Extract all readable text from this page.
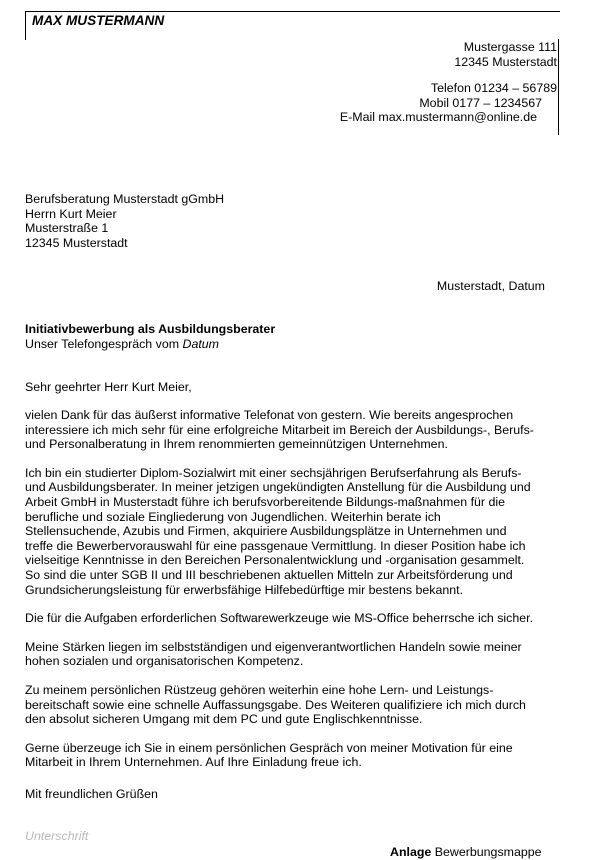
MAX MUSTERMANN
Mustergasse 111
12345 Musterstadt
Telefon 01234 – 56789
Mobil 0177 – 1234567
E-Mail max.mustermann@online.de
Berufsberatung Musterstadt gGmbH
Herrn Kurt Meier
Musterstraße 1
12345 Musterstadt
Musterstadt, Datum
Initiativbewerbung als Ausbildungsberater
Unser Telefongespräch vom Datum
Sehr geehrter Herr Kurt Meier,

vielen Dank für das äußerst informative Telefonat von gestern. Wie bereits angesprochen
interessiere ich mich sehr für eine erfolgreiche Mitarbeit im Bereich der Ausbildungs-, Berufs-
und Personalberatung in Ihrem renommierten gemeinnützigen Unternehmen.

Ich bin ein studierter Diplom-Sozialwirt mit einer sechsjährigen Berufserfahrung als Berufs-
und Ausbildungsberater. In meiner jetzigen ungekündigten Anstellung für die Ausbildung und
Arbeit GmbH in Musterstadt führe ich berufsvorbereitende Bildungs-maßnahmen für die
berufliche und soziale Eingliederung von Jugendlichen. Weiterhin berate ich
Stellensuchende, Azubis und Firmen, akquiriere Ausbildungsplätze in Unternehmen und
treffe die Bewerbervorauswahl für eine passgenaue Vermittlung. In dieser Position habe ich
vielseitige Kenntnisse in den Bereichen Personalentwicklung und -organisation gesammelt.
So sind die unter SGB II und III beschriebenen aktuellen Mitteln zur Arbeitsförderung und
Grundsicherungsleistung für erwerbsfähige Hilfebedürftige mir bestens bekannt.

Die für die Aufgaben erforderlichen Softwarewerkzeuge wie MS-Office beherrsche ich sicher.

Meine Stärken liegen im selbstständigen und eigenverantwortlichen Handeln sowie meiner
hohen sozialen und organisatorischen Kompetenz.

Zu meinem persönlichen Rüstzeug gehören weiterhin eine hohe Lern- und Leistungs-
bereitschaft sowie eine schnelle Auffassungsgabe. Des Weiteren qualifiziere ich mich durch
den absolut sicheren Umgang mit dem PC und gute Englischkenntnisse.

Gerne überzeuge ich Sie in einem persönlichen Gespräch von meiner Motivation für eine
Mitarbeit in Ihrem Unternehmen. Auf Ihre Einladung freue ich.

Mit freundlichen Grüßen
Unterschrift
Anlage Bewerbungsmappe
